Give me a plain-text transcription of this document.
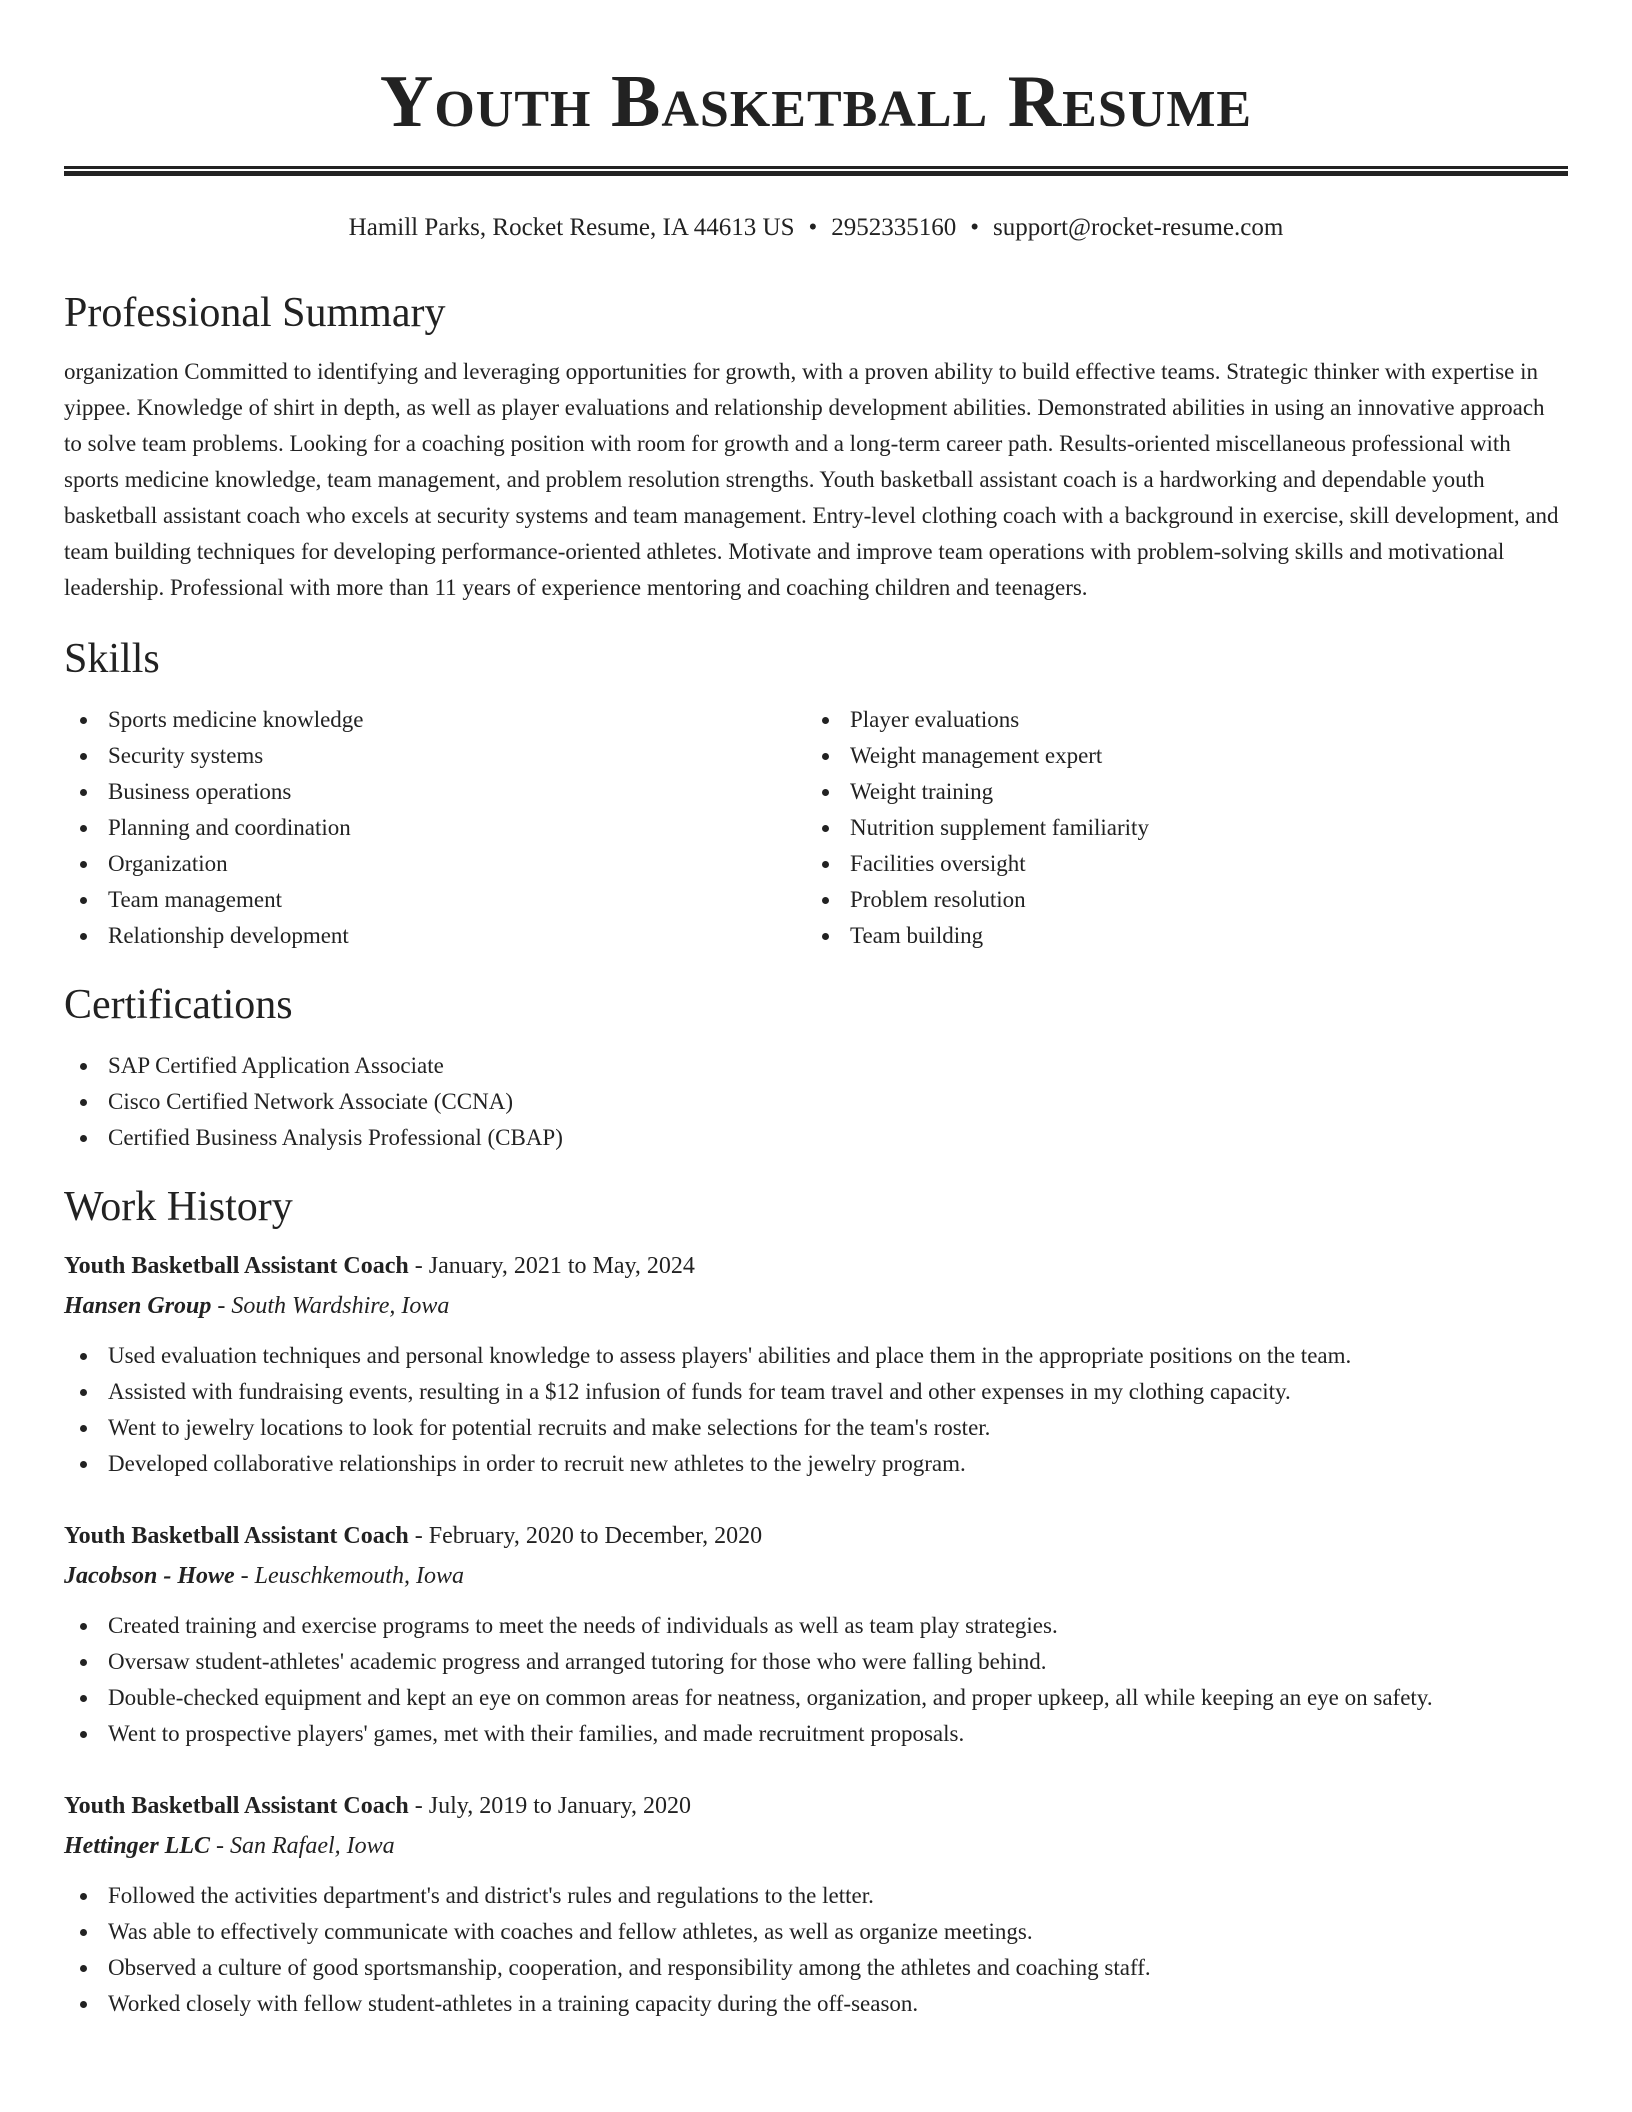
Youth Basketball Resume
Hamill Parks, Rocket Resume, IA 44613 US • 2952335160 • support@rocket-resume.com
Professional Summary

organization Committed to identifying and leveraging opportunities for growth, with a proven ability to build effective teams. Strategic thinker with expertise in yippee. Knowledge of shirt in depth, as well as player evaluations and relationship development abilities. Demonstrated abilities in using an innovative approach to solve team problems. Looking for a coaching position with room for growth and a long-term career path. Results-oriented miscellaneous professional with sports medicine knowledge, team management, and problem resolution strengths. Youth basketball assistant coach is a hardworking and dependable youth basketball assistant coach who excels at security systems and team management. Entry-level clothing coach with a background in exercise, skill development, and team building techniques for developing performance-oriented athletes. Motivate and improve team operations with problem-solving skills and motivational leadership. Professional with more than 11 years of experience mentoring and coaching children and teenagers.

Skills
Sports medicine knowledge
Security systems
Business operations
Planning and coordination
Organization
Team management
Relationship development
Player evaluations
Weight management expert
Weight training
Nutrition supplement familiarity
Facilities oversight
Problem resolution
Team building
Certifications
SAP Certified Application Associate
Cisco Certified Network Associate (CCNA)
Certified Business Analysis Professional (CBAP)
Work History
Youth Basketball Assistant Coach - January, 2021 to May, 2024
Hansen Group - South Wardshire, Iowa
Used evaluation techniques and personal knowledge to assess players' abilities and place them in the appropriate positions on the team.
Assisted with fundraising events, resulting in a $12 infusion of funds for team travel and other expenses in my clothing capacity.
Went to jewelry locations to look for potential recruits and make selections for the team's roster.
Developed collaborative relationships in order to recruit new athletes to the jewelry program.
Youth Basketball Assistant Coach - February, 2020 to December, 2020
Jacobson - Howe - Leuschkemouth, Iowa
Created training and exercise programs to meet the needs of individuals as well as team play strategies.
Oversaw student-athletes' academic progress and arranged tutoring for those who were falling behind.
Double-checked equipment and kept an eye on common areas for neatness, organization, and proper upkeep, all while keeping an eye on safety.
Went to prospective players' games, met with their families, and made recruitment proposals.
Youth Basketball Assistant Coach - July, 2019 to January, 2020
Hettinger LLC - San Rafael, Iowa
Followed the activities department's and district's rules and regulations to the letter.
Was able to effectively communicate with coaches and fellow athletes, as well as organize meetings.
Observed a culture of good sportsmanship, cooperation, and responsibility among the athletes and coaching staff.
Worked closely with fellow student-athletes in a training capacity during the off-season.
